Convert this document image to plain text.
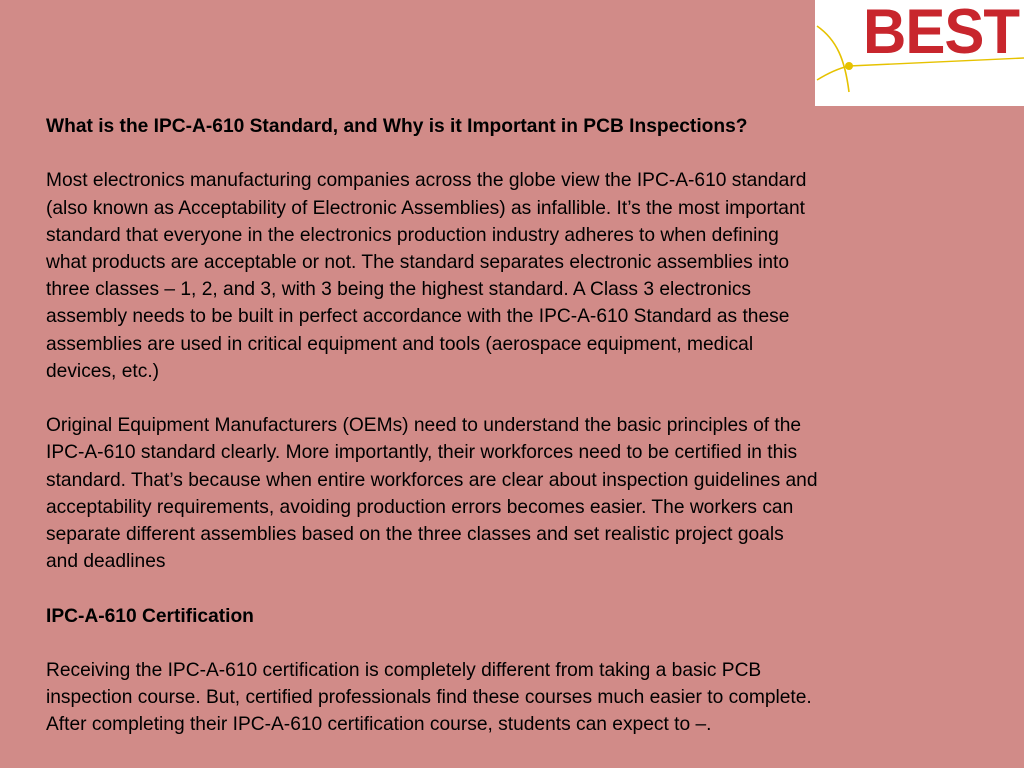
BEST

What is the IPC-A-610 Standard, and Why is it Important in PCB Inspections?

Most electronics manufacturing companies across the globe view the IPC-A-610 standard
(also known as Acceptability of Electronic Assemblies) as infallible. It’s the most important
standard that everyone in the electronics production industry adheres to when defining
what products are acceptable or not. The standard separates electronic assemblies into
three classes – 1, 2, and 3, with 3 being the highest standard. A Class 3 electronics
assembly needs to be built in perfect accordance with the IPC-A-610 Standard as these
assemblies are used in critical equipment and tools (aerospace equipment, medical
devices, etc.)
Original Equipment Manufacturers (OEMs) need to understand the basic principles of the
IPC-A-610 standard clearly. More importantly, their workforces need to be certified in this
standard. That’s because when entire workforces are clear about inspection guidelines and
acceptability requirements, avoiding production errors becomes easier. The workers can
separate different assemblies based on the three classes and set realistic project goals
and deadlines

IPC-A-610 Certification

Receiving the IPC-A-610 certification is completely different from taking a basic PCB
inspection course. But, certified professionals find these courses much easier to complete.
After completing their IPC-A-610 certification course, students can expect to –.
